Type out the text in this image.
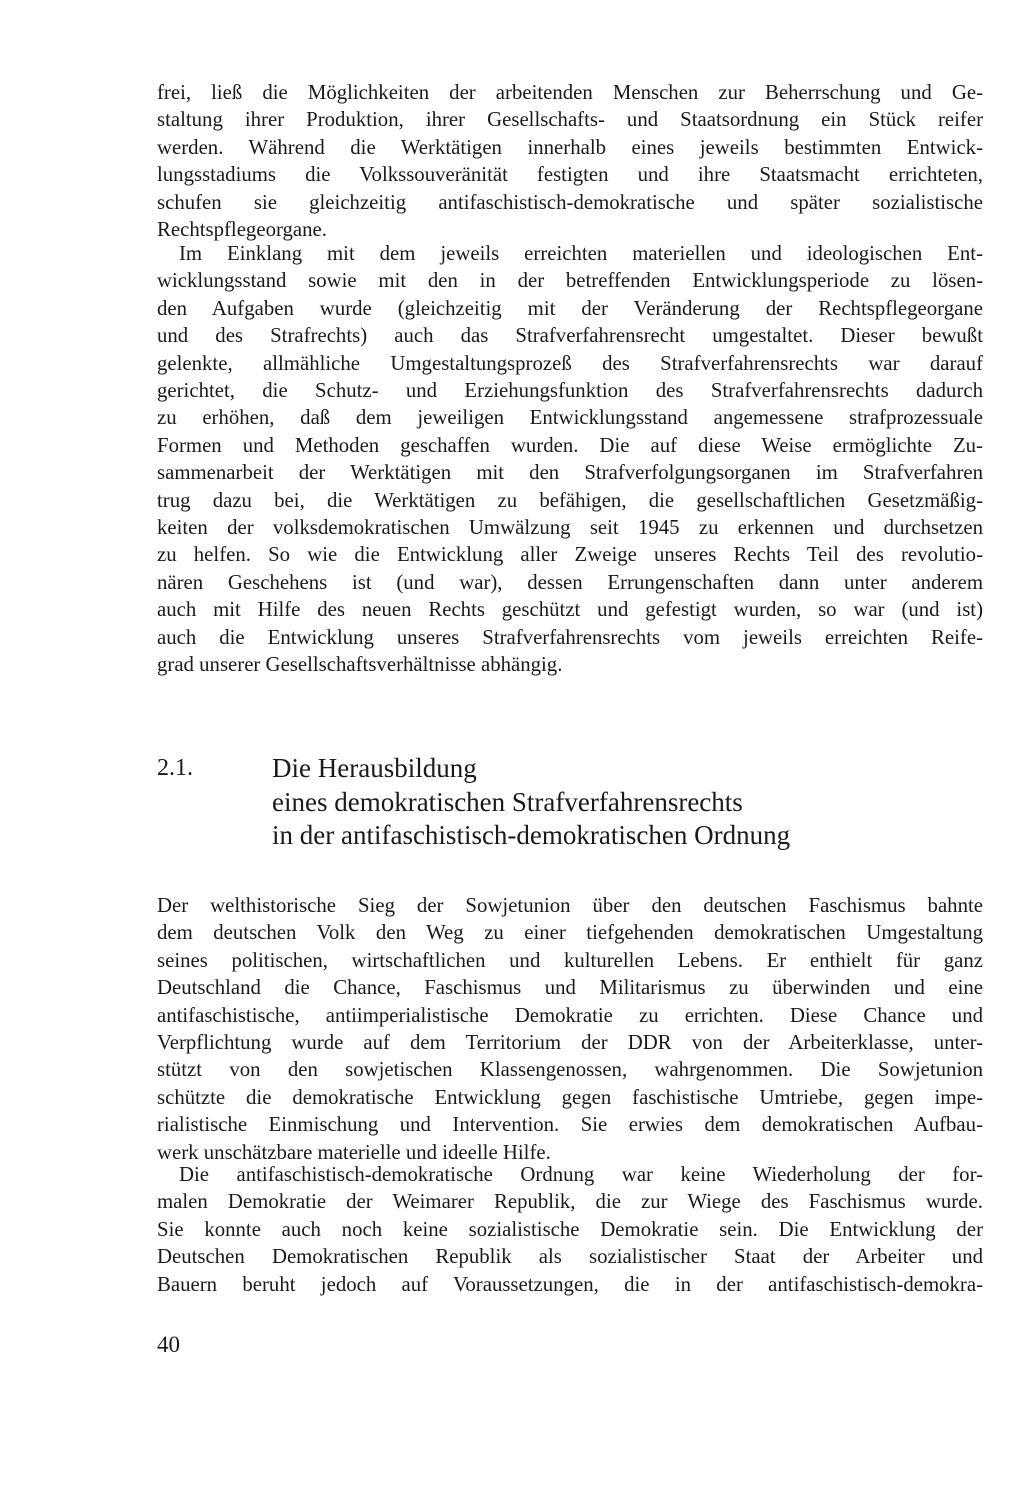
frei, ließ die Möglichkeiten der arbeitenden Menschen zur Beherrschung und Ge-
staltung ihrer Produktion, ihrer Gesellschafts- und Staatsordnung ein Stück reifer
werden. Während die Werktätigen innerhalb eines jeweils bestimmten Entwick-
lungsstadiums die Volkssouveränität festigten und ihre Staatsmacht errichteten,
schufen sie gleichzeitig antifaschistisch-demokratische und später sozialistische
Rechtspflegeorgane.
Im Einklang mit dem jeweils erreichten materiellen und ideologischen Ent-
wicklungsstand sowie mit den in der betreffenden Entwicklungsperiode zu lösen-
den Aufgaben wurde (gleichzeitig mit der Veränderung der Rechtspflegeorgane
und des Strafrechts) auch das Strafverfahrensrecht umgestaltet. Dieser bewußt
gelenkte, allmähliche Umgestaltungsprozeß des Strafverfahrensrechts war darauf
gerichtet, die Schutz- und Erziehungsfunktion des Strafverfahrensrechts dadurch
zu erhöhen, daß dem jeweiligen Entwicklungsstand angemessene strafprozessuale
Formen und Methoden geschaffen wurden. Die auf diese Weise ermöglichte Zu-
sammenarbeit der Werktätigen mit den Strafverfolgungsorganen im Strafverfahren
trug dazu bei, die Werktätigen zu befähigen, die gesellschaftlichen Gesetzmäßig-
keiten der volksdemokratischen Umwälzung seit 1945 zu erkennen und durchsetzen
zu helfen. So wie die Entwicklung aller Zweige unseres Rechts Teil des revolutio-
nären Geschehens ist (und war), dessen Errungenschaften dann unter anderem
auch mit Hilfe des neuen Rechts geschützt und gefestigt wurden, so war (und ist)
auch die Entwicklung unseres Strafverfahrensrechts vom jeweils erreichten Reife-
grad unserer Gesellschaftsverhältnisse abhängig.
2.1.	Die Herausbildung
eines demokratischen Strafverfahrensrechts
in der antifaschistisch-demokratischen Ordnung
Der welthistorische Sieg der Sowjetunion über den deutschen Faschismus bahnte
dem deutschen Volk den Weg zu einer tiefgehenden demokratischen Umgestaltung
seines politischen, wirtschaftlichen und kulturellen Lebens. Er enthielt für ganz
Deutschland die Chance, Faschismus und Militarismus zu überwinden und eine
antifaschistische, antiimperialistische Demokratie zu errichten. Diese Chance und
Verpflichtung wurde auf dem Territorium der DDR von der Arbeiterklasse, unter-
stützt von den sowjetischen Klassengenossen, wahrgenommen. Die Sowjetunion
schützte die demokratische Entwicklung gegen faschistische Umtriebe, gegen impe-
rialistische Einmischung und Intervention. Sie erwies dem demokratischen Aufbau-
werk unschätzbare materielle und ideelle Hilfe.
Die antifaschistisch-demokratische Ordnung war keine Wiederholung der for-
malen Demokratie der Weimarer Republik, die zur Wiege des Faschismus wurde.
Sie konnte auch noch keine sozialistische Demokratie sein. Die Entwicklung der
Deutschen Demokratischen Republik als sozialistischer Staat der Arbeiter und
Bauern beruht jedoch auf Voraussetzungen, die in der antifaschistisch-demokra-
40
